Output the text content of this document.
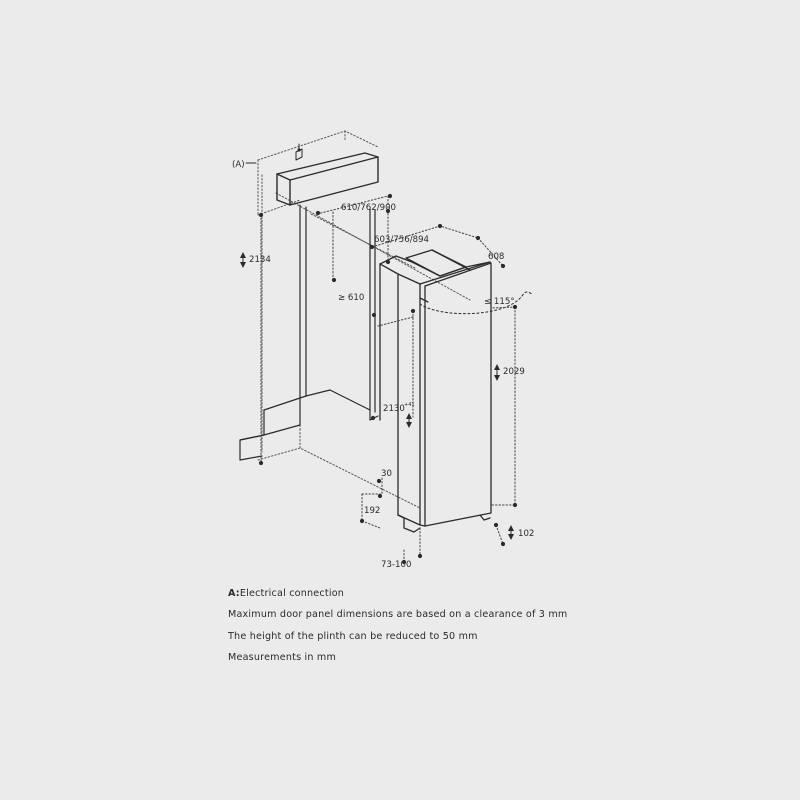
(A)
2134
610/762/900
≥ 610
603/756/894
608
≤ 115°
2029
2130 +41
30
192
102
73-100
A:Electrical connection
Maximum door panel dimensions are based on a clearance of 3 mm
The height of the plinth can be reduced to 50 mm
Measurements in mm
